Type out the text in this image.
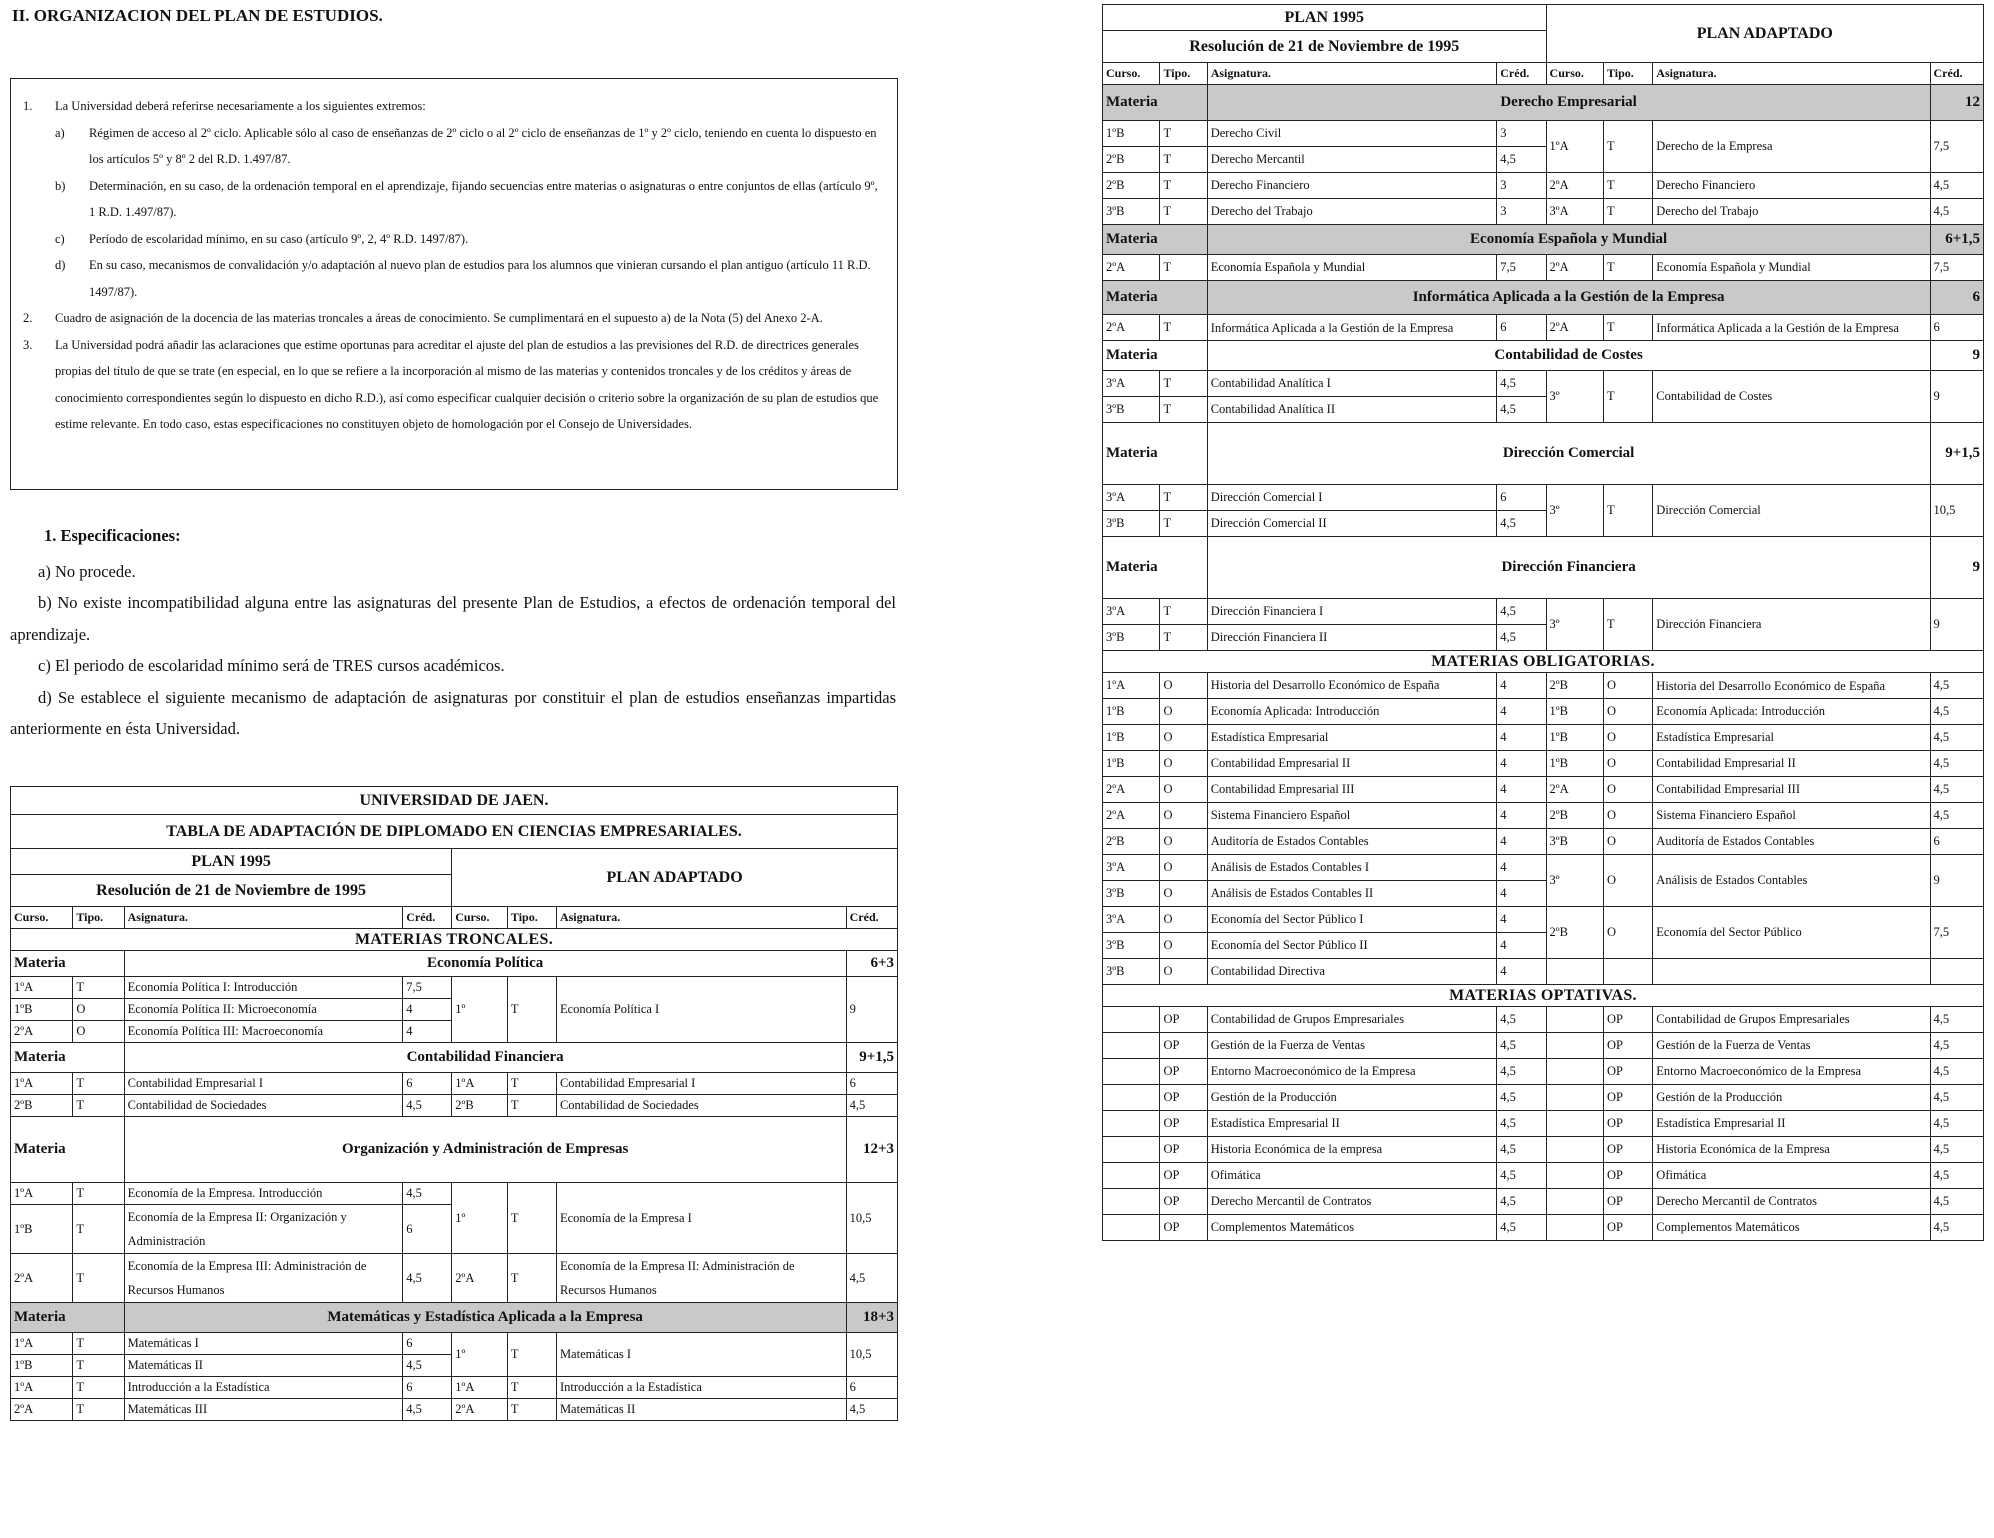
II. ORGANIZACION DEL PLAN DE ESTUDIOS.
1.	La Universidad deberá referirse necesariamente a los siguientes extremos:
a)	Régimen de acceso al 2º ciclo. Aplicable sólo al caso de enseñanzas de 2º ciclo o al 2º ciclo de enseñanzas de 1º y 2º ciclo, teniendo en cuenta lo dispuesto en los artículos 5º y 8º 2 del R.D. 1.497/87.
b)	Determinación, en su caso, de la ordenación temporal en el aprendizaje, fijando secuencias entre materias o asignaturas o entre conjuntos de ellas (artículo 9º, 1 R.D. 1.497/87).
c)	Período de escolaridad mínimo, en su caso (artículo 9º, 2, 4º R.D. 1497/87).
d)	En su caso, mecanismos de convalidación y/o adaptación al nuevo plan de estudios para los alumnos que vinieran cursando el plan antiguo (artículo 11 R.D. 1497/87).
2.	Cuadro de asignación de la docencia de las materias troncales a áreas de conocimiento. Se cumplimentará en el supuesto a) de la Nota (5) del Anexo 2-A.
3.	La Universidad podrá añadir las aclaraciones que estime oportunas para acreditar el ajuste del plan de estudios a las previsiones del R.D. de directrices generales propias del título de que se trate (en especial, en lo que se refiere a la incorporación al mismo de las materias y contenidos troncales y de los créditos y áreas de conocimiento correspondientes según lo dispuesto en dicho R.D.), así como especificar cualquier decisión o criterio sobre la organización de su plan de estudios que estime relevante. En todo caso, estas especificaciones no constituyen objeto de homologación por el Consejo de Universidades.

1. Especificaciones:

a) No procede.

b) No existe incompatibilidad alguna entre las asignaturas del presente Plan de Estudios, a efectos de ordenación temporal del aprendizaje.

c) El periodo de escolaridad mínimo será de TRES cursos académicos.

d) Se establece el siguiente mecanismo de adaptación de asignaturas por constituir el plan de estudios enseñanzas impartidas anteriormente en ésta Universidad.

UNIVERSIDAD DE JAEN.							
TABLA DE ADAPTACIÓN DE DIPLOMADO EN CIENCIAS EMPRESARIALES.							
PLAN 1995				PLAN ADAPTADO			
Resolución de 21 de Noviembre de 1995							
Curso.	Tipo.	Asignatura.	Créd.	Curso.	Tipo.	Asignatura.	Créd.
MATERIAS TRONCALES.							
Materia		Economía Política					6+3
1ºA	T	Economía Política I: Introducción	7,5	1º	T	Economía Política I	9
1ºB	O	Economía Política II: Microeconomía	4				
2ºA	O	Economía Política III: Macroeconomía	4				
Materia		Contabilidad Financiera					9+1,5
1ºA	T	Contabilidad Empresarial I	6	1ºA	T	Contabilidad Empresarial I	6
2ºB	T	Contabilidad de Sociedades	4,5	2ºB	T	Contabilidad de Sociedades	4,5
Materia		Organización y Administración de Empresas					12+3
1ºA	T	Economía de la Empresa. Introducción	4,5	1º	T	Economía de la Empresa I	10,5
1ºB	T	Economía de la Empresa II: Organización y Administración	6				
2ºA	T	Economía de la Empresa III: Administración de Recursos Humanos	4,5	2ºA	T	Economía de la Empresa II: Administración de Recursos Humanos	4,5
Materia		Matemáticas y Estadística Aplicada a la Empresa					18+3
1ºA	T	Matemáticas I	6	1º	T	Matemáticas I	10,5
1ºB	T	Matemáticas II	4,5				
1ºA	T	Introducción a la Estadística	6	1ºA	T	Introducción a la Estadística	6
2ºA	T	Matemáticas III	4,5	2ºA	T	Matemáticas II	4,5
PLAN 1995				PLAN ADAPTADO			
Resolución de 21 de Noviembre de 1995							
Curso.	Tipo.	Asignatura.	Créd.	Curso.	Tipo.	Asignatura.	Créd.
Materia		Derecho Empresarial					12
1ºB	T	Derecho Civil	3	1ºA	T	Derecho de la Empresa	7,5
2ºB	T	Derecho Mercantil	4,5				
2ºB	T	Derecho Financiero	3	2ºA	T	Derecho Financiero	4,5
3ºB	T	Derecho del Trabajo	3	3ºA	T	Derecho del Trabajo	4,5
Materia		Economía Española y Mundial					6+1,5
2ºA	T	Economía Española y Mundial	7,5	2ºA	T	Economía Española y Mundial	7,5
Materia		Informática Aplicada a la Gestión de la Empresa					6
2ºA	T	Informática Aplicada a la Gestión de la Empresa	6	2ºA	T	Informática Aplicada a la Gestión de la Empresa	6
Materia		Contabilidad de Costes					9
3ºA	T	Contabilidad Analítica I	4,5	3º	T	Contabilidad de Costes	9
3ºB	T	Contabilidad Analítica II	4,5				
Materia		Dirección Comercial					9+1,5
3ºA	T	Dirección Comercial I	6	3º	T	Dirección Comercial	10,5
3ºB	T	Dirección Comercial II	4,5				
Materia		Dirección Financiera					9
3ºA	T	Dirección Financiera I	4,5	3º	T	Dirección Financiera	9
3ºB	T	Dirección Financiera II	4,5				
MATERIAS OBLIGATORIAS.							
1ºA	O	Historia del Desarrollo Económico de España	4	2ºB	O	Historia del Desarrollo Económico de España	4,5
1ºB	O	Economía Aplicada: Introducción	4	1ºB	O	Economía Aplicada: Introducción	4,5
1ºB	O	Estadística Empresarial	4	1ºB	O	Estadística Empresarial	4,5
1ºB	O	Contabilidad Empresarial II	4	1ºB	O	Contabilidad Empresarial II	4,5
2ºA	O	Contabilidad Empresarial III	4	2ºA	O	Contabilidad Empresarial III	4,5
2ºA	O	Sistema Financiero Español	4	2ºB	O	Sistema Financiero Español	4,5
2ºB	O	Auditoría de Estados Contables	4	3ºB	O	Auditoría de Estados Contables	6
3ºA	O	Análisis de Estados Contables I	4	3º	O	Análisis de Estados Contables	9
3ºB	O	Análisis de Estados Contables II	4				
3ºA	O	Economía del Sector Público I	4	2ºB	O	Economía del Sector Público	7,5
3ºB	O	Economía del Sector Público II	4				
3ºB	O	Contabilidad Directiva	4				
MATERIAS OPTATIVAS.							
	OP	Contabilidad de Grupos Empresariales	4,5		OP	Contabilidad de Grupos Empresariales	4,5
	OP	Gestión de la Fuerza de Ventas	4,5		OP	Gestión de la Fuerza de Ventas	4,5
	OP	Entorno Macroeconómico de la Empresa	4,5		OP	Entorno Macroeconómico de la Empresa	4,5
	OP	Gestión de la Producción	4,5		OP	Gestión de la Producción	4,5
	OP	Estadística Empresarial II	4,5		OP	Estadística Empresarial II	4,5
	OP	Historia Económica de la empresa	4,5		OP	Historia Económica de la Empresa	4,5
	OP	Ofimática	4,5		OP	Ofimática	4,5
	OP	Derecho Mercantil de Contratos	4,5		OP	Derecho Mercantil de Contratos	4,5
	OP	Complementos Matemáticos	4,5		OP	Complementos Matemáticos	4,5
